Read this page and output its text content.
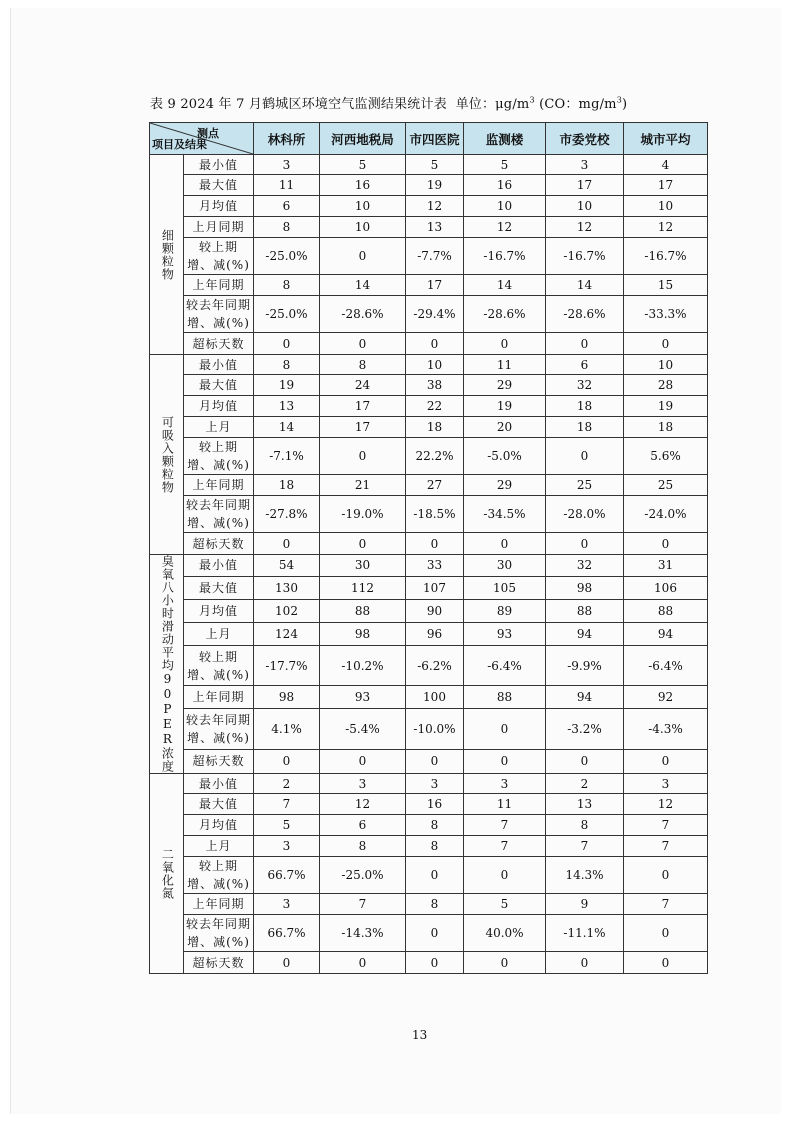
表 9 2024 年 7 月鹤城区环境空气监测结果统计表 单位：$\mu g/m^3$ (CO：$mg/m^3$)
测点
项目及结果		林科所	河西地税局	市四医院	监测楼	市委党校	城市平均
细颗粒物	最小值	3	5	5	5	3	4

	最大值	11	16	19	16	17	17

	月均值	6	10	12	10	10	10

	上月同期	8	10	13	12	12	12

	较上期
增、减(%)	-25.0%	0	-7.7%	-16.7%	-16.7%	-16.7%

	上年同期	8	14	17	14	14	15

	较去年同期
增、减(%)	-25.0%	-28.6%	-29.4%	-28.6%	-28.6%	-33.3%

	超标天数	0	0	0	0	0	0
可吸入颗粒物	最小值	8	8	10	11	6	10

	最大值	19	24	38	29	32	28

	月均值	13	17	22	19	18	19

	上月	14	17	18	20	18	18

	较上期
增、减(%)	-7.1%	0	22.2%	-5.0%	0	5.6%

	上年同期	18	21	27	29	25	25

	较去年同期
增、减(%)	-27.8%	-19.0%	-18.5%	-34.5%	-28.0%	-24.0%

	超标天数	0	0	0	0	0	0
臭氧八小时滑动平均90PER浓度	最小值	54	30	33	30	32	31

	最大值	130	112	107	105	98	106

	月均值	102	88	90	89	88	88

	上月	124	98	96	93	94	94

	较上期
增、减(%)	-17.7%	-10.2%	-6.2%	-6.4%	-9.9%	-6.4%

	上年同期	98	93	100	88	94	92

	较去年同期
增、减(%)	4.1%	-5.4%	-10.0%	0	-3.2%	-4.3%

	超标天数	0	0	0	0	0	0
二氧化氮	最小值	2	3	3	3	2	3

	最大值	7	12	16	11	13	12

	月均值	5	6	8	7	8	7

	上月	3	8	8	7	7	7

	较上期
增、减(%)	66.7%	-25.0%	0	0	14.3%	0

	上年同期	3	7	8	5	9	7

	较去年同期
增、减(%)	66.7%	-14.3%	0	40.0%	-11.1%	0

	超标天数	0	0	0	0	0	0
13
